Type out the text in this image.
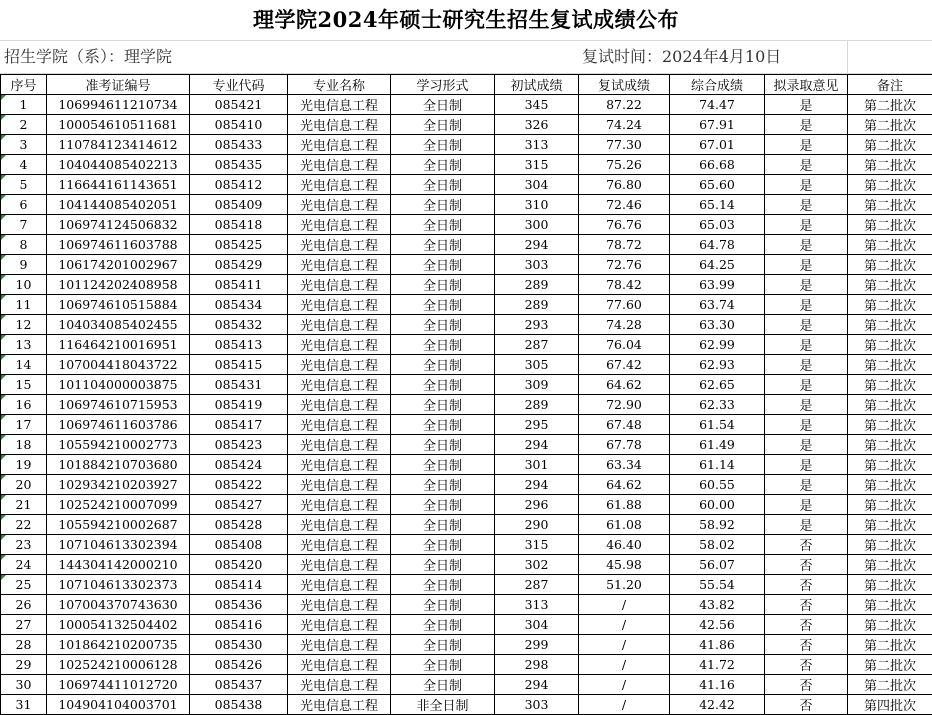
理学院2024年硕士研究生招生复试成绩公布
招生学院（系）：理学院	复试时间：2024年4月10日
序号	准考证编号	专业代码	专业名称	学习形式	初试成绩	复试成绩	综合成绩	拟录取意见	备注
1	106994611210734	085421	光电信息工程	全日制	345	87.22	74.47	是	第二批次
2	100054610511681	085410	光电信息工程	全日制	326	74.24	67.91	是	第二批次
3	110784123414612	085433	光电信息工程	全日制	313	77.30	67.01	是	第二批次
4	104044085402213	085435	光电信息工程	全日制	315	75.26	66.68	是	第二批次
5	116644161143651	085412	光电信息工程	全日制	304	76.80	65.60	是	第二批次
6	104144085402051	085409	光电信息工程	全日制	310	72.46	65.14	是	第二批次
7	106974124506832	085418	光电信息工程	全日制	300	76.76	65.03	是	第二批次
8	106974611603788	085425	光电信息工程	全日制	294	78.72	64.78	是	第二批次
9	106174201002967	085429	光电信息工程	全日制	303	72.76	64.25	是	第二批次
10	101124202408958	085411	光电信息工程	全日制	289	78.42	63.99	是	第二批次
11	106974610515884	085434	光电信息工程	全日制	289	77.60	63.74	是	第二批次
12	104034085402455	085432	光电信息工程	全日制	293	74.28	63.30	是	第二批次
13	116464210016951	085413	光电信息工程	全日制	287	76.04	62.99	是	第二批次
14	107004418043722	085415	光电信息工程	全日制	305	67.42	62.93	是	第二批次
15	101104000003875	085431	光电信息工程	全日制	309	64.62	62.65	是	第二批次
16	106974610715953	085419	光电信息工程	全日制	289	72.90	62.33	是	第二批次
17	106974611603786	085417	光电信息工程	全日制	295	67.48	61.54	是	第二批次
18	105594210002773	085423	光电信息工程	全日制	294	67.78	61.49	是	第二批次
19	101884210703680	085424	光电信息工程	全日制	301	63.34	61.14	是	第二批次
20	102934210203927	085422	光电信息工程	全日制	294	64.62	60.55	是	第二批次
21	102524210007099	085427	光电信息工程	全日制	296	61.88	60.00	是	第二批次
22	105594210002687	085428	光电信息工程	全日制	290	61.08	58.92	是	第二批次
23	107104613302394	085408	光电信息工程	全日制	315	46.40	58.02	否	第二批次
24	144304142000210	085420	光电信息工程	全日制	302	45.98	56.07	否	第二批次
25	107104613302373	085414	光电信息工程	全日制	287	51.20	55.54	否	第二批次
26	107004370743630	085436	光电信息工程	全日制	313	/	43.82	否	第二批次
27	100054132504402	085416	光电信息工程	全日制	304	/	42.56	否	第二批次
28	101864210200735	085430	光电信息工程	全日制	299	/	41.86	否	第二批次
29	102524210006128	085426	光电信息工程	全日制	298	/	41.72	否	第二批次
30	106974411012720	085437	光电信息工程	全日制	294	/	41.16	否	第二批次
31	104904104003701	085438	光电信息工程	非全日制	303	/	42.42	否	第四批次
